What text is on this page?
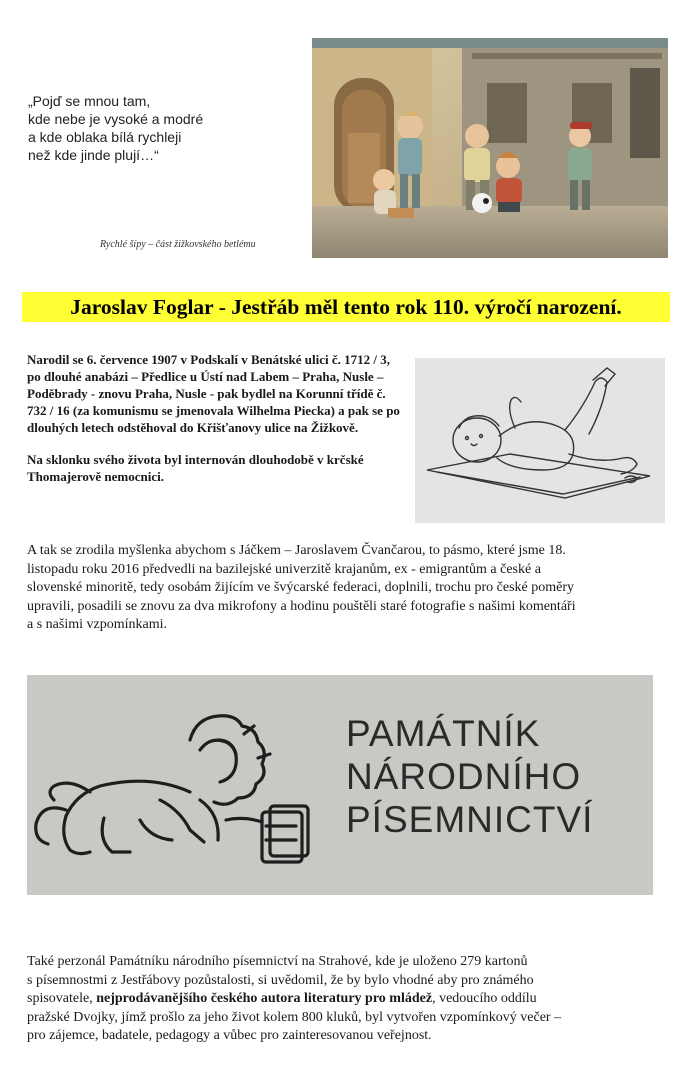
„Pojď se mnou tam,
kde nebe je vysoké a modré
a kde oblaka bílá rychleji
než kde jinde plují…“
Rychlé šípy – část žižkovského betlému
Jaroslav Foglar - Jestřáb měl tento rok 110. výročí narození.

Narodil se 6. července 1907 v Podskalí v Benátské ulici č. 1712 / 3, po dlouhé anabázi – Předlice u Ústí nad Labem – Praha, Nusle – Poděbrady - znovu Praha, Nusle - pak bydlel na Korunní třídě č. 732 / 16 (za komunismu se jmenovala Wilhelma Piecka) a pak se po dlouhých letech odstěhoval do Křišťanovy ulice na Žižkově.

Na sklonku svého života byl internován dlouhodobě v krčské Thomajerově nemocnici.

A tak se zrodila myšlenka abychom s Jáčkem – Jaroslavem Čvančarou, to pásmo, které jsme 18.
listopadu roku 2016 předvedli na bazilejské univerzitě krajanům, ex - emigrantům a české a
slovenské minoritě, tedy osobám žijícím ve švýcarské federaci, doplnili, trochu pro české poměry
upravili, posadili se znovu za dva mikrofony a hodinu pouštěli staré fotografie s našimi komentáři
a s našimi vzpomínkami.
PAMÁTNÍK
NÁRODNÍHO
PÍSEMNICTVÍ
Také perzonál Památníku národního písemnictví na Strahové, kde je uloženo 279 kartonů
s písemnostmi z Jestřábovy pozůstalosti, si uvědomil, že by bylo vhodné aby pro známého
spisovatele, nejprodávanějšího českého autora literatury pro mládež, vedoucího oddílu
pražské Dvojky, jímž prošlo za jeho život kolem 800 kluků, byl vytvořen vzpomínkový večer –
pro zájemce, badatele, pedagogy a vůbec pro zainteresovanou veřejnost.
